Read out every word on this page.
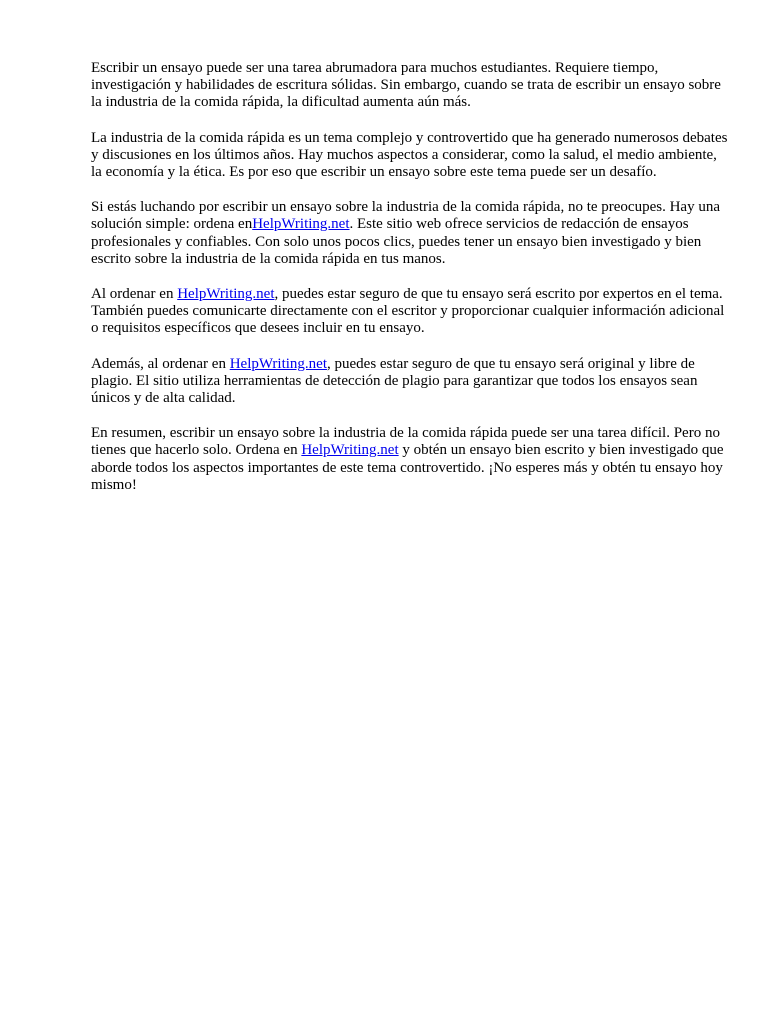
Escribir un ensayo puede ser una tarea abrumadora para muchos estudiantes. Requiere tiempo, investigación y habilidades de escritura sólidas. Sin embargo, cuando se trata de escribir un ensayo sobre la industria de la comida rápida, la dificultad aumenta aún más.

La industria de la comida rápida es un tema complejo y controvertido que ha generado numerosos debates y discusiones en los últimos años. Hay muchos aspectos a considerar, como la salud, el medio ambiente, la economía y la ética. Es por eso que escribir un ensayo sobre este tema puede ser un desafío.

Si estás luchando por escribir un ensayo sobre la industria de la comida rápida, no te preocupes. Hay una solución simple: ordena enHelpWriting.net. Este sitio web ofrece servicios de redacción de ensayos profesionales y confiables. Con solo unos pocos clics, puedes tener un ensayo bien investigado y bien escrito sobre la industria de la comida rápida en tus manos.

Al ordenar en HelpWriting.net, puedes estar seguro de que tu ensayo será escrito por expertos en el tema. También puedes comunicarte directamente con el escritor y proporcionar cualquier información adicional o requisitos específicos que desees incluir en tu ensayo.

Además, al ordenar en HelpWriting.net, puedes estar seguro de que tu ensayo será original y libre de plagio. El sitio utiliza herramientas de detección de plagio para garantizar que todos los ensayos sean únicos y de alta calidad.

En resumen, escribir un ensayo sobre la industria de la comida rápida puede ser una tarea difícil. Pero no tienes que hacerlo solo. Ordena en HelpWriting.net y obtén un ensayo bien escrito y bien investigado que aborde todos los aspectos importantes de este tema controvertido. ¡No esperes más y obtén tu ensayo hoy mismo!
